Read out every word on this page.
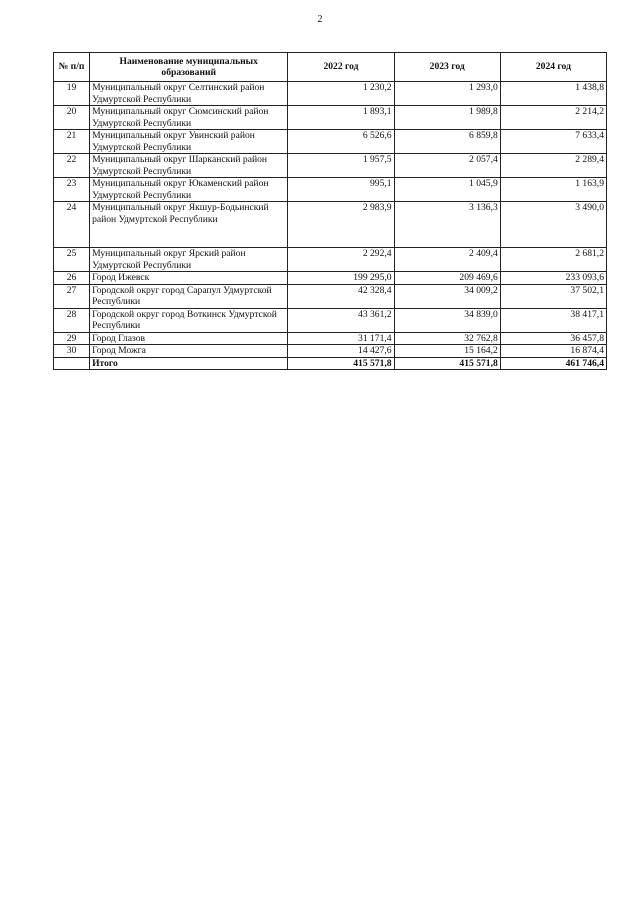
2
№ п/п	Наименование муниципальных образований	2022 год	2023 год	2024 год
19	Муниципальный округ Селтинский район Удмуртской Республики	1 230,2	1 293,0	1 438,8
20	Муниципальный округ Сюмсинский район Удмуртской Республики	1 893,1	1 989,8	2 214,2
21	Муниципальный округ Увинский район Удмуртской Республики	6 526,6	6 859,8	7 633,4
22	Муниципальный округ Шарканский район Удмуртской Республики	1 957,5	2 057,4	2 289,4
23	Муниципальный округ Юкаменский район Удмуртской Республики	995,1	1 045,9	1 163,9
24	Муниципальный округ Якшур-Бодьинский район Удмуртской Республики	2 983,9	3 136,3	3 490,0
25	Муниципальный округ Ярский район Удмуртской Республики	2 292,4	2 409,4	2 681,2
26	Город Ижевск	199 295,0	209 469,6	233 093,6
27	Городской округ город Сарапул Удмуртской Республики	42 328,4	34 009,2	37 502,1
28	Городской округ город Воткинск Удмуртской Республики	43 361,2	34 839,0	38 417,1
29	Город Глазов	31 171,4	32 762,8	36 457,8
30	Город Можга	14 427,6	15 164,2	16 874,4
	Итого	415 571,8	415 571,8	461 746,4
